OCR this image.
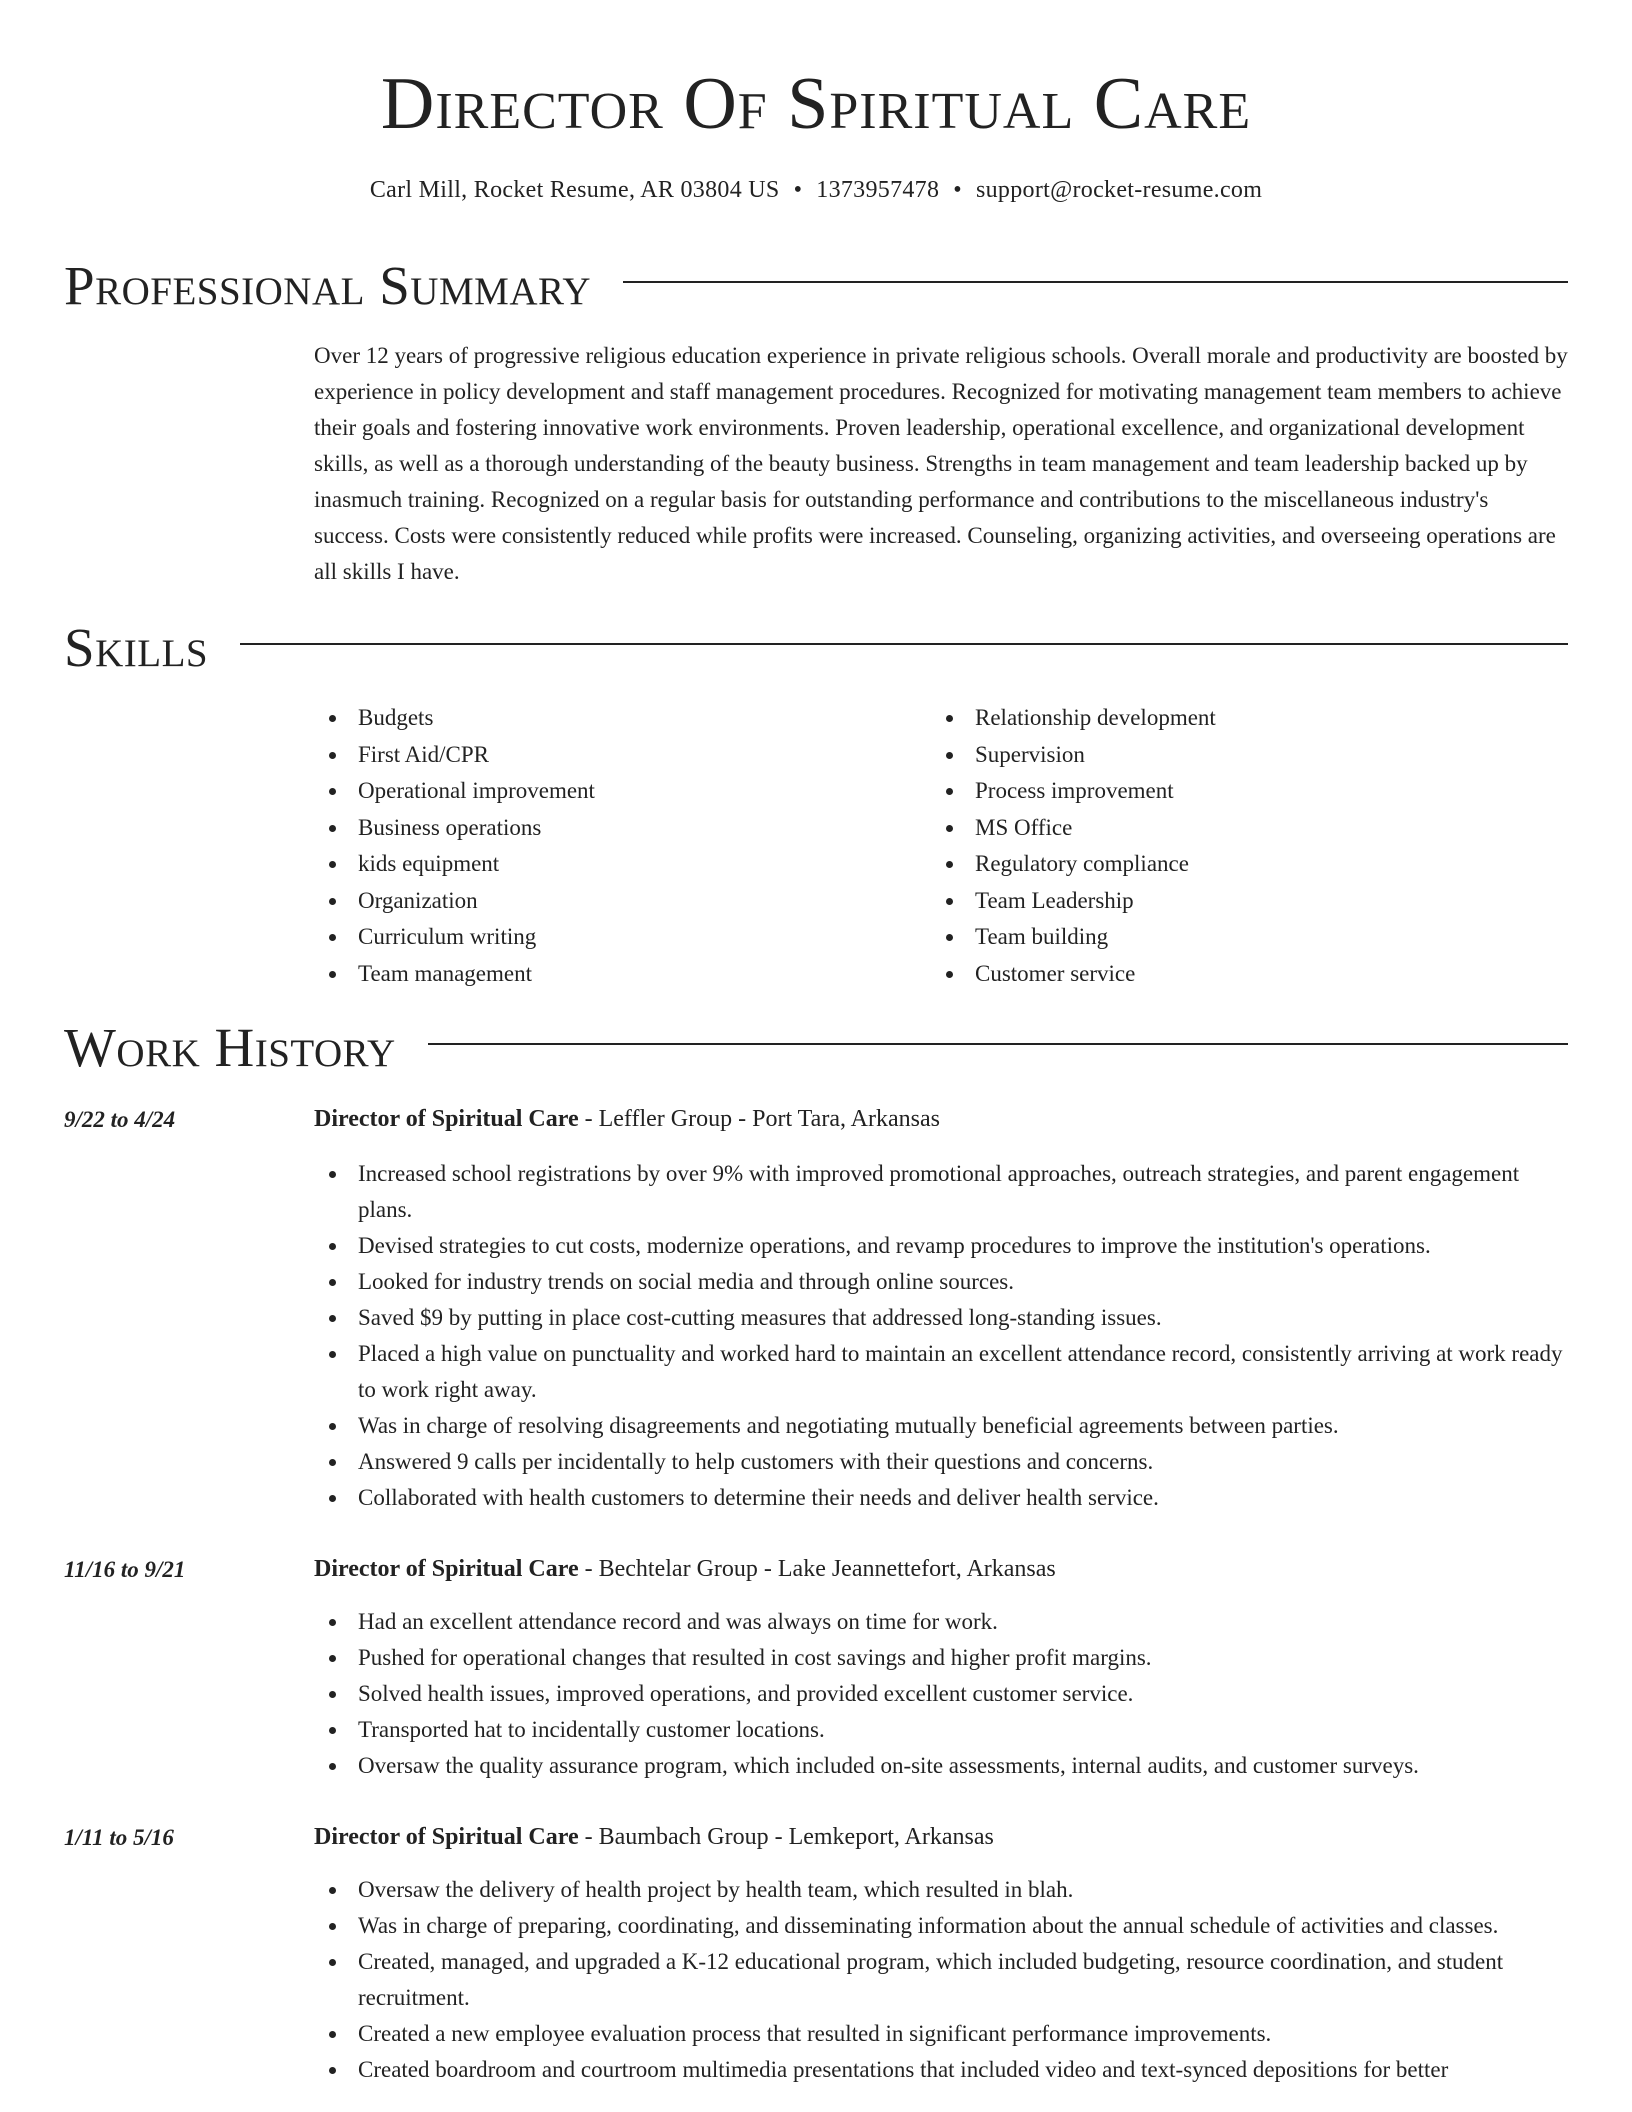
Director Of Spiritual Care
Carl Mill, Rocket Resume, AR 03804 US • 1373957478 • support@rocket-resume.com
Professional Summary
Over 12 years of progressive religious education experience in private religious schools. Overall morale and productivity are boosted by experience in policy development and staff management procedures. Recognized for motivating management team members to achieve their goals and fostering innovative work environments. Proven leadership, operational excellence, and organizational development skills, as well as a thorough understanding of the beauty business. Strengths in team management and team leadership backed up by inasmuch training. Recognized on a regular basis for outstanding performance and contributions to the miscellaneous industry's success. Costs were consistently reduced while profits were increased. Counseling, organizing activities, and overseeing operations are all skills I have.
Skills
Budgets
First Aid/CPR
Operational improvement
Business operations
kids equipment
Organization
Curriculum writing
Team management
Relationship development
Supervision
Process improvement
MS Office
Regulatory compliance
Team Leadership
Team building
Customer service
Work History
9/22 to 4/24	Director of Spiritual Care - Leffler Group - Port Tara, Arkansas
Increased school registrations by over 9% with improved promotional approaches, outreach strategies, and parent engagement plans.
Devised strategies to cut costs, modernize operations, and revamp procedures to improve the institution's operations.
Looked for industry trends on social media and through online sources.
Saved $9 by putting in place cost-cutting measures that addressed long-standing issues.
Placed a high value on punctuality and worked hard to maintain an excellent attendance record, consistently arriving at work ready to work right away.
Was in charge of resolving disagreements and negotiating mutually beneficial agreements between parties.
Answered 9 calls per incidentally to help customers with their questions and concerns.
Collaborated with health customers to determine their needs and deliver health service.
11/16 to 9/21	Director of Spiritual Care - Bechtelar Group - Lake Jeannettefort, Arkansas
Had an excellent attendance record and was always on time for work.
Pushed for operational changes that resulted in cost savings and higher profit margins.
Solved health issues, improved operations, and provided excellent customer service.
Transported hat to incidentally customer locations.
Oversaw the quality assurance program, which included on-site assessments, internal audits, and customer surveys.
1/11 to 5/16	Director of Spiritual Care - Baumbach Group - Lemkeport, Arkansas
Oversaw the delivery of health project by health team, which resulted in blah.
Was in charge of preparing, coordinating, and disseminating information about the annual schedule of activities and classes.
Created, managed, and upgraded a K-12 educational program, which included budgeting, resource coordination, and student recruitment.
Created a new employee evaluation process that resulted in significant performance improvements.
Created boardroom and courtroom multimedia presentations that included video and text-synced depositions for better
